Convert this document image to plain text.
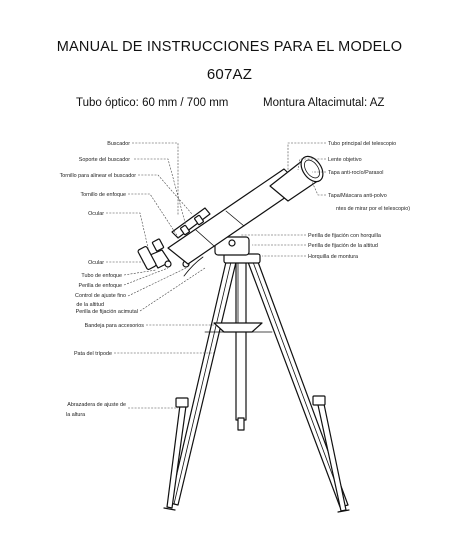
MANUAL DE INSTRUCCIONES PARA EL MODELO
607AZ
Tubo óptico: 60 mm / 700 mm	Montura Altacimutal: AZ
Buscador
Soporte del buscador
Tornillo para alinear el buscador
Tornillo de enfoque
Ocular
Ocular
Tubo de enfoque
Perilla de enfoque
Control de ajuste fino
de la altitud
Perilla de fijación acimutal
Bandeja para accesorios
Pata del trípode
Abrazadera de ajuste de
la altura
Tubo principal del telescopio
Lente objetivo
Tapa anti-rocío/Parasol
Tapa/Máscara anti-polvo
ntes de mirar por el telescopio)
Perilla de fijación con horquilla
Perilla de fijación de la altitud
Horquilla de montura
